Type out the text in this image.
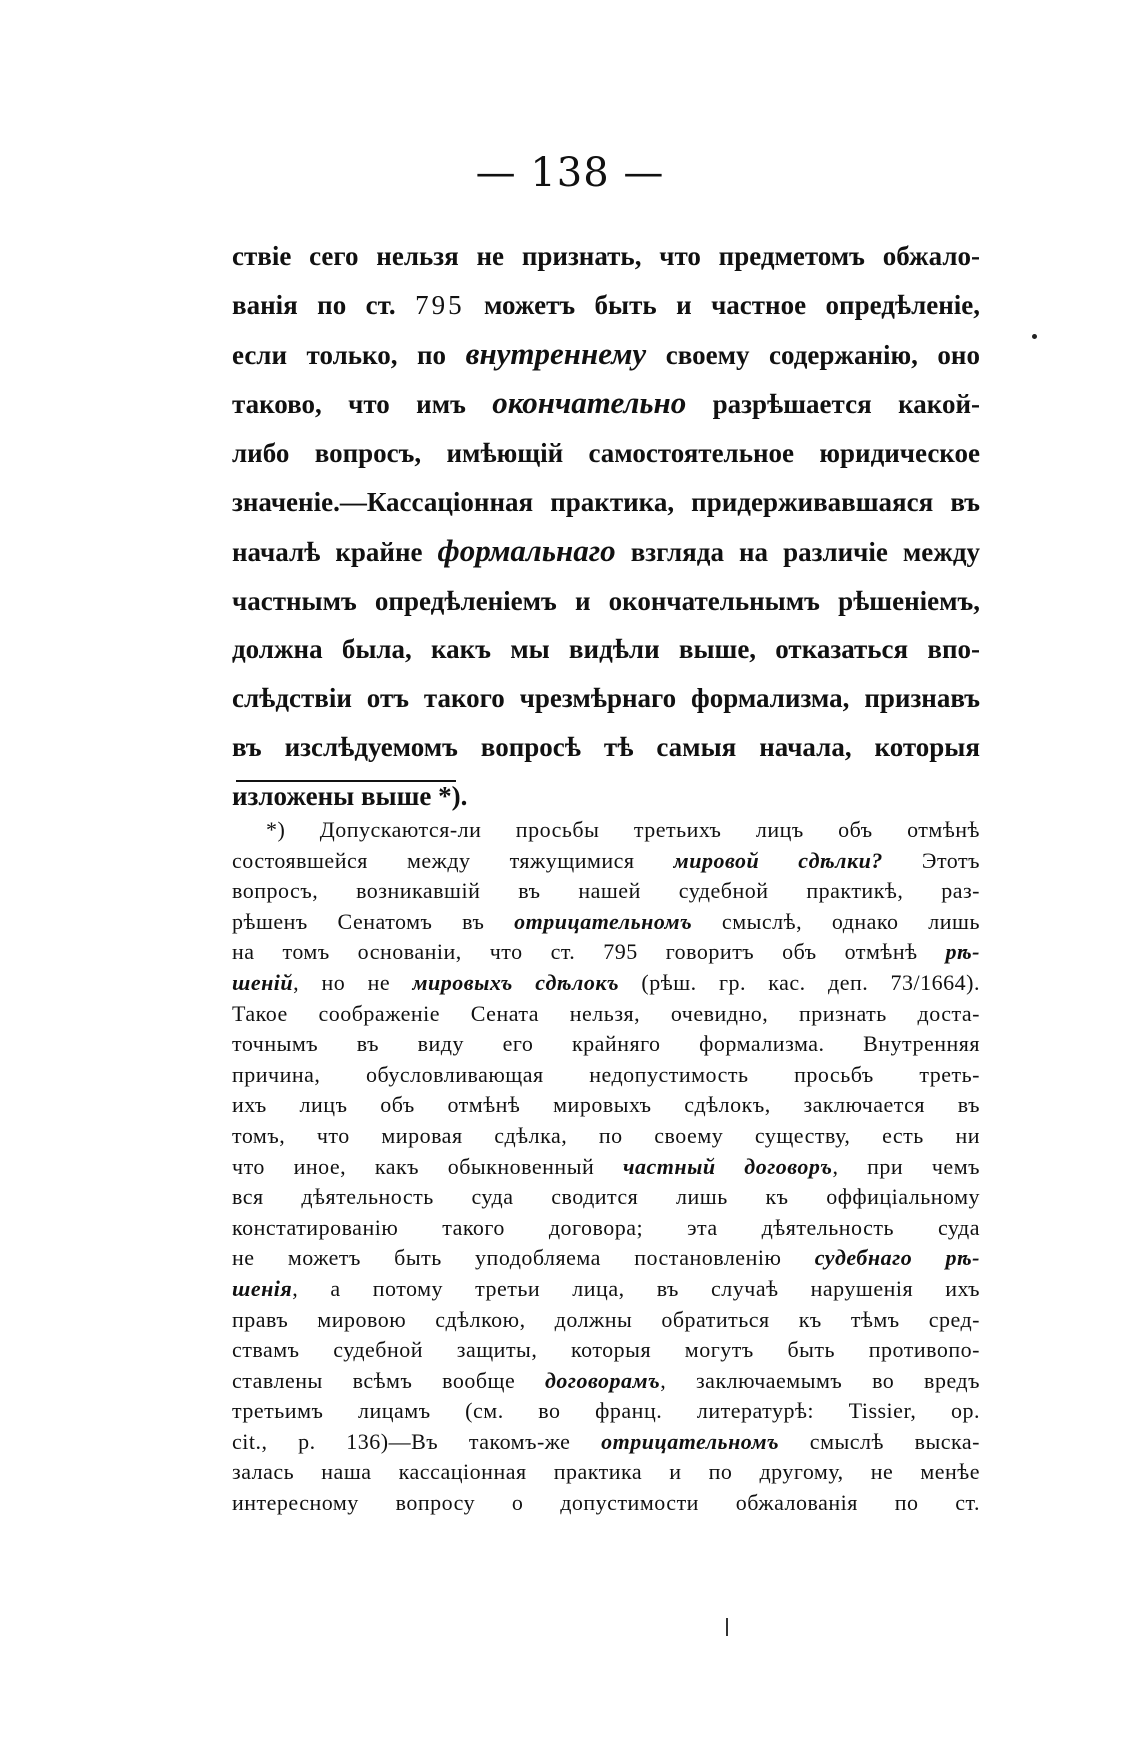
— 138 —
ствіе сего нельзя не признать, что предметомъ обжало-
ванія по ст. 795 можетъ быть и частное опредѣленіе,
если только, по внутреннему своему содержанію, оно
таково, что имъ окончательно разрѣшается какой-
либо вопросъ, имѣющій самостоятельное юридическое
значеніе.—Кассаціонная практика, придерживавшаяся въ
началѣ крайне формальнаго взгляда на различіе между
частнымъ опредѣленіемъ и окончательнымъ рѣшеніемъ,
должна была, какъ мы видѣли выше, отказаться впо-
слѣдствіи отъ такого чрезмѣрнаго формализма, признавъ
въ изслѣдуемомъ вопросѣ тѣ самыя начала, которыя
изложены выше *).
*) Допускаются-ли просьбы третьихъ лицъ объ отмѣнѣ
состоявшейся между тяжущимися мировой сдѣлки? Этотъ
вопросъ, возникавшій въ нашей судебной практикѣ, раз-
рѣшенъ Сенатомъ въ отрицательномъ смыслѣ, однако лишь
на томъ основаніи, что ст. 795 говоритъ объ отмѣнѣ рѣ-
шеній, но не мировыхъ сдѣлокъ (рѣш. гр. кас. деп. 73/1664).
Такое соображеніе Сената нельзя, очевидно, признать доста-
точнымъ въ виду его крайняго формализма. Внутренняя
причина, обусловливающая недопустимость просьбъ треть-
ихъ лицъ объ отмѣнѣ мировыхъ сдѣлокъ, заключается въ
томъ, что мировая сдѣлка, по своему существу, есть ни
что иное, какъ обыкновенный частный договоръ, при чемъ
вся дѣятельность суда сводится лишь къ оффиціальному
констатированію такого договора; эта дѣятельность суда
не можетъ быть уподобляема постановленію судебнаго рѣ-
шенія, а потому третьи лица, въ случаѣ нарушенія ихъ
правъ мировою сдѣлкою, должны обратиться къ тѣмъ сред-
ствамъ судебной защиты, которыя могутъ быть противопо-
ставлены всѣмъ вообще договорамъ, заключаемымъ во вредъ
третьимъ лицамъ (см. во франц. литературѣ: Tissier, op.
cit., p. 136)—Въ такомъ-же отрицательномъ смыслѣ выска-
залась наша кассаціонная практика и по другому, не менѣе
интересному вопросу о допустимости обжалованія по ст.
